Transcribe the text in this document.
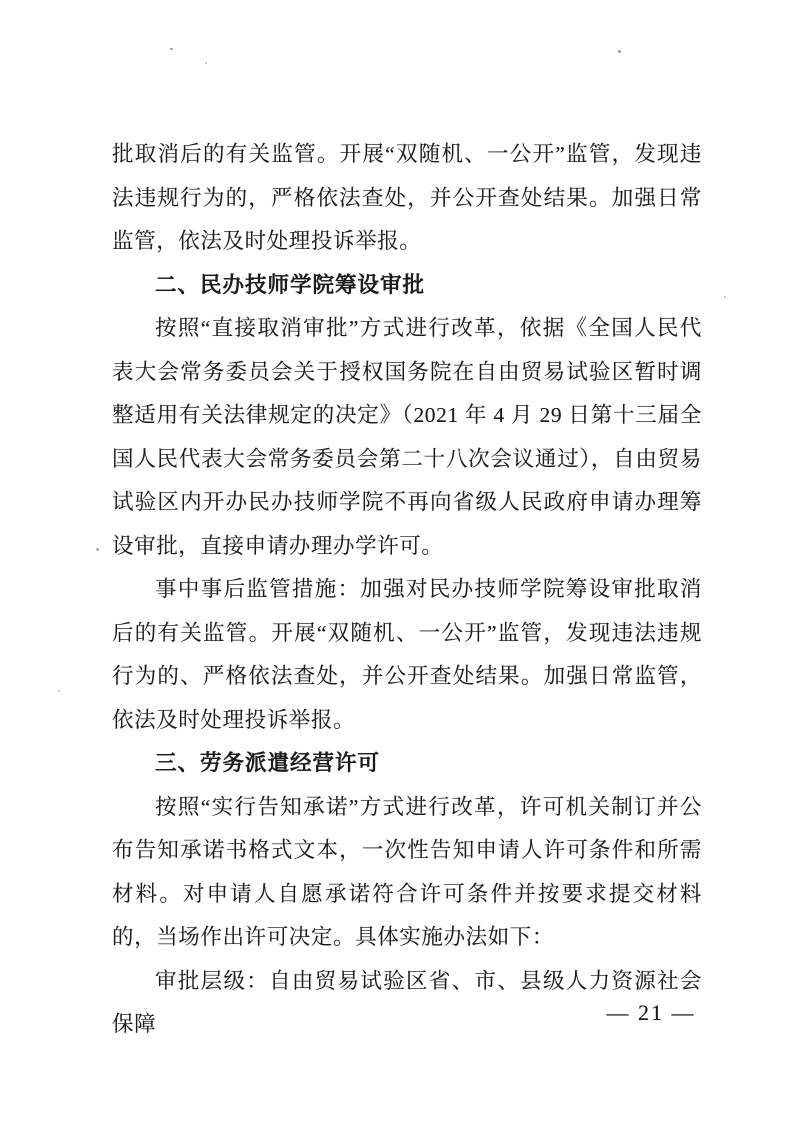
批取消后的有关监管。开展“双随机、一公开”监管，发现违法违规行为的，严格依法查处，并公开查处结果。加强日常监管，依法及时处理投诉举报。

二、民办技师学院筹设审批

按照“直接取消审批”方式进行改革，依据《全国人民代表大会常务委员会关于授权国务院在自由贸易试验区暂时调整适用有关法律规定的决定》（2021 年 4 月 29 日第十三届全国人民代表大会常务委员会第二十八次会议通过），自由贸易试验区内开办民办技师学院不再向省级人民政府申请办理筹设审批，直接申请办理办学许可。

事中事后监管措施：加强对民办技师学院筹设审批取消后的有关监管。开展“双随机、一公开”监管，发现违法违规行为的、严格依法查处，并公开查处结果。加强日常监管，依法及时处理投诉举报。

三、劳务派遣经营许可

按照“实行告知承诺”方式进行改革，许可机关制订并公布告知承诺书格式文本，一次性告知申请人许可条件和所需材料。对申请人自愿承诺符合许可条件并按要求提交材料的，当场作出许可决定。具体实施办法如下：

审批层级：自由贸易试验区省、市、县级人力资源社会保障	— 21 —
